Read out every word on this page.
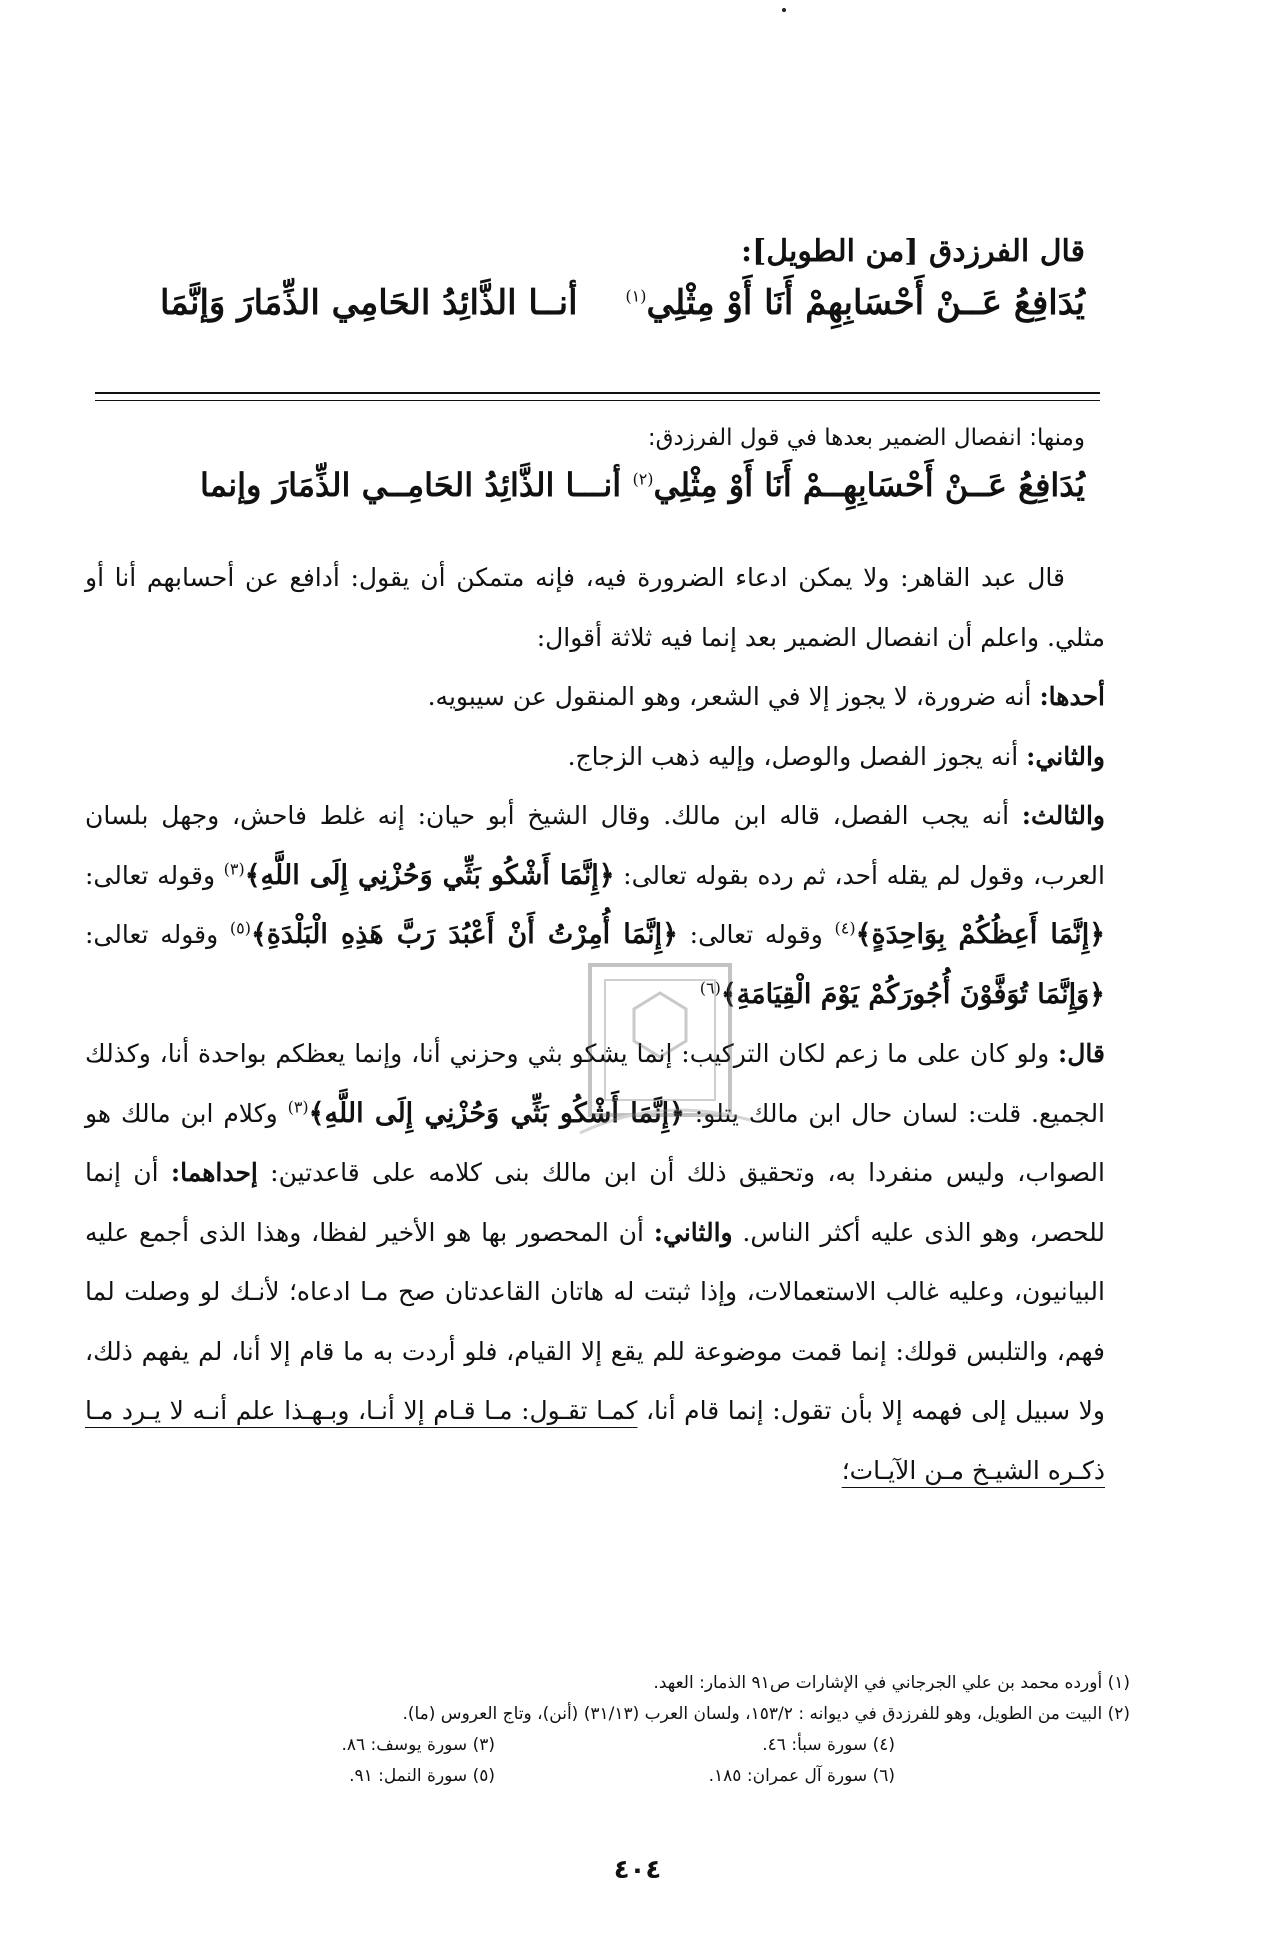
قال الفرزدق [من الطويل]:

أنــا الذَّائِدُ الحَامِي الذِّمَارَ وَإنَّمَا	يُدَافِعُ عَــنْ أَحْسَابِهِمْ أَنَا أَوْ مِثْلِي$^{(١)}$

ومنها: انفصال الضمير بعدها في قول الفرزدق:

أنـــا الذَّائِدُ الحَامِــي الذِّمَارَ وإنما	يُدَافِعُ عَــنْ أَحْسَابِهِــمْ أَنَا أَوْ مِثْلِي$^{(٢)}$

قال عبد القاهر: ولا يمكن ادعاء الضرورة فيه، فإنه متمكن أن يقول: أدافع عن أحسابهم أنا أو مثلي. واعلم أن انفصال الضمير بعد إنما فيه ثلاثة أقوال:

أحدها: أنه ضرورة، لا يجوز إلا في الشعر، وهو المنقول عن سيبويه.

والثاني: أنه يجوز الفصل والوصل، وإليه ذهب الزجاج.

والثالث: أنه يجب الفصل، قاله ابن مالك. وقال الشيخ أبو حيان: إنه غلط فاحش، وجهل بلسان العرب، وقول لم يقله أحد، ثم رده بقوله تعالى: ﴿إِنَّمَا أَشْكُو بَثِّي وَحُزْنِي إِلَى اللَّهِ﴾$^{(٣)}$ وقوله تعالى: ﴿إِنَّمَا أَعِظُكُمْ بِوَاحِدَةٍ﴾$^{(٤)}$ وقوله تعالى: ﴿إِنَّمَا أُمِرْتُ أَنْ أَعْبُدَ رَبَّ هَذِهِ الْبَلْدَةِ﴾$^{(٥)}$ وقوله تعالى: ﴿وَإِنَّمَا تُوَفَّوْنَ أُجُورَكُمْ يَوْمَ الْقِيَامَةِ﴾$^{(٦)}$

قال: ولو كان على ما زعم لكان التركيب: إنما يشكو بثي وحزني أنا، وإنما يعظكم بواحدة أنا، وكذلك الجميع. قلت: لسان حال ابن مالك يتلو: ﴿إِنَّمَا أَشْكُو بَثِّي وَحُزْنِي إِلَى اللَّهِ﴾$^{(٣)}$ وكلام ابن مالك هو الصواب، وليس منفردا به، وتحقيق ذلك أن ابن مالك بنى كلامه على قاعدتين: إحداهما: أن إنما للحصر، وهو الذى عليه أكثر الناس. والثاني: أن المحصور بها هو الأخير لفظا، وهذا الذى أجمع عليه البيانيون، وعليه غالب الاستعمالات، وإذا ثبتت له هاتان القاعدتان صح مـا ادعاه؛ لأنـك لو وصلت لما فهم، والتلبس قولك: إنما قمت موضوعة للم يقع إلا القيام، فلو أردت به ما قام إلا أنا، لم يفهم ذلك، ولا سبيل إلى فهمه إلا بأن تقول: إنما قام أنا، كمـا تقـول: مـا قـام إلا أنـا، وبـهـذا علم أنـه لا يـرد مـا ذكـره الشيـخ مـن الآيـات؛

(١) أورده محمد بن علي الجرجاني في الإشارات ص٩١ الذمار: العهد.

(٢) البيت من الطويل، وهو للفرزدق في ديوانه : ١٥٣/٢، ولسان العرب (٣١/١٣) (أنن)، وتاج العروس (ما).

(٣) سورة يوسف: ٨٦.	(٤) سورة سبأ: ٤٦.
(٥) سورة النمل: ٩١.	(٦) سورة آل عمران: ١٨٥.
٤٠٤
